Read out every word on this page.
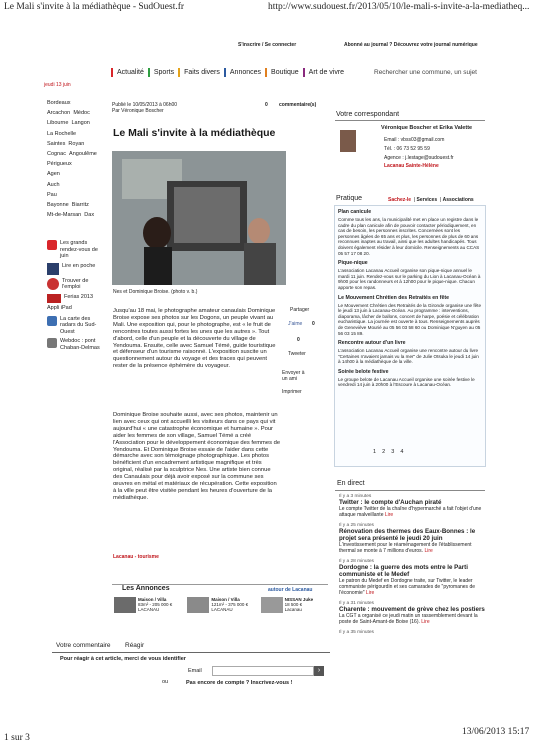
Le Mali s'invite à la médiathèque - SudOuest.fr	http://www.sudouest.fr/2013/05/10/le-mali-s-invite-a-la-mediatheq...
S'inscrire / Se connecter	Abonné au journal ? Découvrez votre journal numérique
Actualité	Sports	Faits divers	Annonces	Boutique	Art de vivre	Rechercher une commune, un sujet
jeudi 13 juin
Bordeaux
Arcachon Médoc
Libourne Langon
La Rochelle
Saintes Royan
Cognac Angoulême
Périgueux
Agen
Auch
Pau
Bayonne Biarritz
Mt-de-Marsan Dax
Les grands rendez-vous de juin
Lire en poche
Trouver de l'emploi
Ferias 2013
Appli iPad
La carte des radars du Sud-Ouest
Webdoc : pont Chaban-Delmas
Publié le 10/05/2013 à 06h00
Par Véronique Boscher
0 commentaire(s)
Le Mali s'invite à la médiathèque
Nes et Dominique Broise. (photo v. b.)
Partager
J'aime 0
0
Tweeter
Envoyer à un ami
Imprimer
Jusqu'au 18 mai, le photographe amateur canaulais Dominique Broise expose ses photos sur les Dogons, un peuple vivant au Mali. Une exposition qui, pour le photographe, est « le fruit de rencontres toutes aussi fortes les unes que les autres ». Tout d'abord, celle d'un peuple et la découverte du village de Yendouma. Ensuite, celle avec Samuel Témé, guide touristique et défenseur d'un tourisme raisonné. L'exposition suscite un questionnement autour du voyage et des traces qui peuvent rester de la présence éphémère du voyageur.
Dominique Broise souhaite aussi, avec ses photos, maintenir un lien avec ceux qui ont accueilli les visiteurs dans ce pays qui vit aujourd'hui « une catastrophe économique et humaine ». Pour aider les femmes de son village, Samuel Témé a créé l'Association pour le développement économique des femmes de Yendouma. Et Dominique Broise essaie de l'aider dans cette démarche avec son témoignage photographique. Les photos bénéficient d'un encadrement artistique magnifique et très original, réalisé par la sculptrice Nes. Une artiste bien connue des Canaulais pour déjà avoir exposé sur la commune ses œuvres en métal et matériaux de récupération. Cette exposition à la ville peut être visitée pendant les heures d'ouverture de la médiathèque.
Lacanau - tourisme
Les Annonces	autour de Lacanau
Maison / Villa
83m² - 205 000 €
LACANAU
Maison / Villa
121m² - 375 000 €
LACANAU
NISSAN Juke
18 500 €
Lacanau
Votre commentaire Réagir
Pour réagir à cet article, merci de vous identifier
Email	›
ou	Pas encore de compte ? Inscrivez-vous !
Votre correspondant
Véronique Boscher et Erika Valette
Email : vbss03@gmail.com
Tél. : 06 73 52 95 59
Agence : j.lestage@sudouest.fr
Lacanau Sainte-Hélène
Pratique	Sachez-le  | Services  | Associations
Plan canicule
Comme tous les ans, la municipalité met en place un registre dans le cadre du plan canicule afin de pouvoir contacter périodiquement, en cas de besoin, les personnes inscrites. Concernées sont les personnes âgées de 65 ans et plus, les personnes de plus de 60 ans reconnues inaptes au travail, ainsi que les adultes handicapés. Tous doivent également résider à leur domicile. Renseignements au CCAS 05 57 17 08 20.
Pique-nique
L'association Lacanau Accueil organise son pique-nique annuel le mardi 11 juin. Rendez-vous sur le parking du Lion à Lacanau-Océan à 9h00 pour les randonneurs et à 12h00 pour le pique-nique. Chacun apporte son repas.
Le Mouvement Chrétien des Retraités en fête
Le Mouvement Chrétien des Retraités de la Gironde organise une fête le jeudi 13 juin à Lacanau-Océan. Au programme : interventions, diaporama, lâcher de ballons, concert de harpe, poésie et célébration eucharistique. La journée est ouverte à tous. Renseignements auprès de Geneviève Mourié au 05 56 03 58 60 ou Dominique N'guyen au 05 56 03 15 89.
Rencontre autour d'un livre
L'association Lacanau Accueil organise une rencontre autour du livre "Certaines n'avaient jamais vu la mer" de Julie Otsuka le jeudi 14 juin à 14h00 à la médiathèque de la ville.
Soirée belote festive
Le groupe belote de Lacanau Accueil organise une soirée festive le vendredi 14 juin à 20h00 à l'Escoure à Lacanau-Océan.
1  2  3  4
En direct
Il y a 3 minutes
Twitter : le compte d'Auchan piraté
Le compte Twitter de la chaîne d'hypermarché a fait l'objet d'une attaque malveillante Lire
Il y a 25 minutes
Rénovation des thermes des Eaux-Bonnes : le projet sera présenté le jeudi 20 juin
L'investissement pour le réaménagement de l'établissement thermal se monte à 7 millions d'euros. Lire
Il y a 28 minutes
Dordogne : la guerre des mots entre le Parti communiste et le Medef
Le patron du Medef en Dordogne traite, sur Twitter, le leader communiste périgourdin et ses camarades de "pyromanes de l'économie" Lire
Il y a 31 minutes
Charente : mouvement de grève chez les postiers
La CGT a organisé ce jeudi matin un rassemblement devant la poste de Saint-Amant-de Boixe (16). Lire
Il y a 35 minutes
1 sur 3
13/06/2013 15:17
